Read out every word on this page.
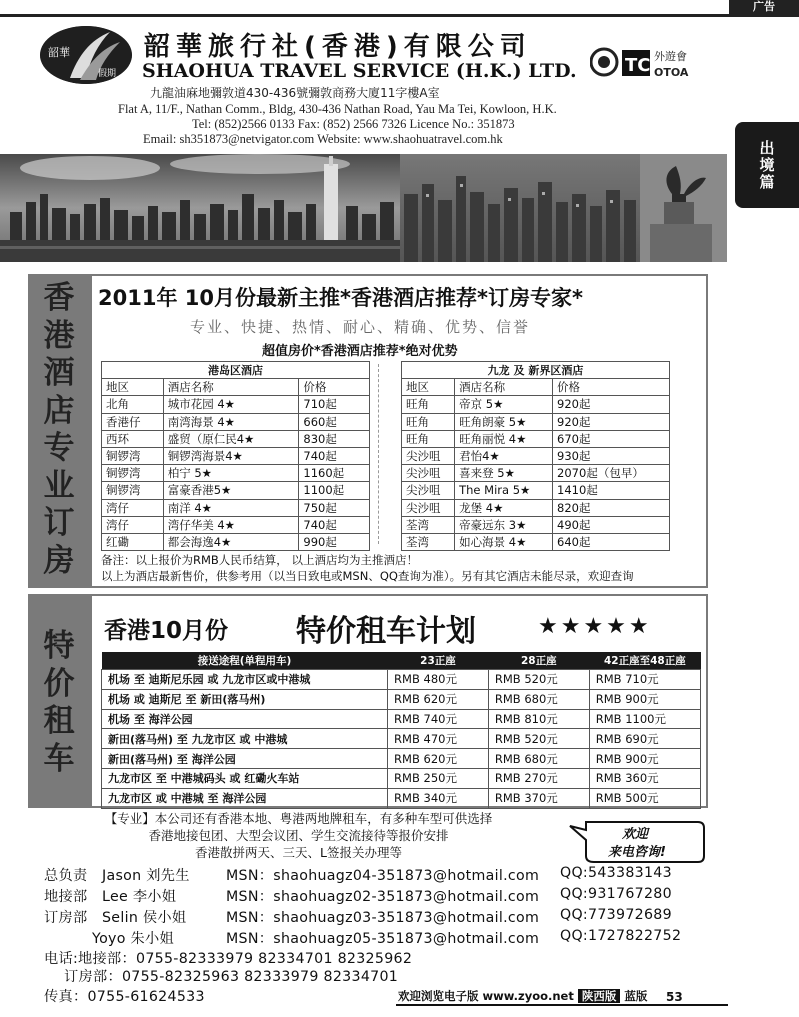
广告
出
境
篇
韶華
假期
韶華旅行社(香港)有限公司
SHAOHUA TRAVEL SERVICE (H.K.) LTD.	TC 外遊會
OTOA
九龍油麻地彌敦道430-436號彌敦商務大廈11字樓A室
Flat A, 11/F., Nathan Comm., Bldg, 430-436 Nathan Road, Yau Ma Tei, Kowloon, H.K.
Tel: (852)2566 0133 Fax: (852) 2566 7326 Licence No.: 351873
Email: sh351873@netvigator.com Website: www.shaohuatravel.com.hk
香
港
酒
店
专
业
订
房
2011年 10月份最新主推*香港酒店推荐*订房专家*
专业、快捷、热情、耐心、精确、优势、信誉
超值房价*香港酒店推荐*绝对优势
港岛区酒店		
地区	酒店名称	价格
北角	城市花园 4★	710起
香港仔	南湾海景 4★	660起
西环	盛贸（原仁民4★	830起
铜锣湾	铜锣湾海景4★	740起
铜锣湾	柏宁 5★	1160起
铜锣湾	富豪香港5★	1100起
湾仔	南洋 4★	750起
湾仔	湾仔华美 4★	740起
红磡	都会海逸4★	990起
九龙 及 新界区酒店		
地区	酒店名称	价格
旺角	帝京 5★	920起
旺角	旺角朗豪 5★	920起
旺角	旺角丽悦 4★	670起
尖沙咀	君怡4★	930起
尖沙咀	喜来登 5★	2070起（包早）
尖沙咀	The Mira 5★	1410起
尖沙咀	龙堡 4★	820起
荃湾	帝豪远东 3★	490起
荃湾	如心海景 4★	640起
备注：以上报价为RMB人民币结算， 以上酒店均为主推酒店！
以上为酒店最新售价，供参考用（以当日致电或MSN、QQ查询为准）。另有其它酒店未能尽录，欢迎查询
特
价
租
车
香港10月份 特价租车计划	★★★★★
接送途程(单程用车)	23正座	28正座	42正座至48正座
机场 至 迪斯尼乐园 或 九龙市区或中港城	RMB 480元	RMB 520元	RMB 710元
机场 或 迪斯尼 至 新田(落马州)	RMB 620元	RMB 680元	RMB 900元
机场 至 海洋公园	RMB 740元	RMB 810元	RMB 1100元
新田(落马州) 至 九龙市区 或 中港城	RMB 470元	RMB 520元	RMB 690元
新田(落马州) 至 海洋公园	RMB 620元	RMB 680元	RMB 900元
九龙市区 至 中港城码头 或 红磡火车站	RMB 250元	RMB 270元	RMB 360元
九龙市区 或 中港城 至 海洋公园	RMB 340元	RMB 370元	RMB 500元
【专业】本公司还有香港本地、粤港两地牌租车，有多种车型可供选择
香港地接包团、大型会议团、学生交流接待等报价安排
香港散拼两天、三天、L签报关办理等
欢迎
来电咨询!
总负责 Jason 刘先生	MSN：shaohuagz04-351873@hotmail.com QQ:543383143
地接部 Lee 李小姐	MSN：shaohuagz02-351873@hotmail.com QQ:931767280
订房部 Selin 侯小姐	MSN：shaohuagz03-351873@hotmail.com QQ:773972689
Yoyo 朱小姐	MSN：shaohuagz05-351873@hotmail.com QQ:1727822752
电话:地接部：0755-82333979 82334701 82325962
订房部：0755-82325963 82333979 82334701
传真：0755-61624533	欢迎浏览电子版 www.zyoo.net 陕西版 蓝版 53
